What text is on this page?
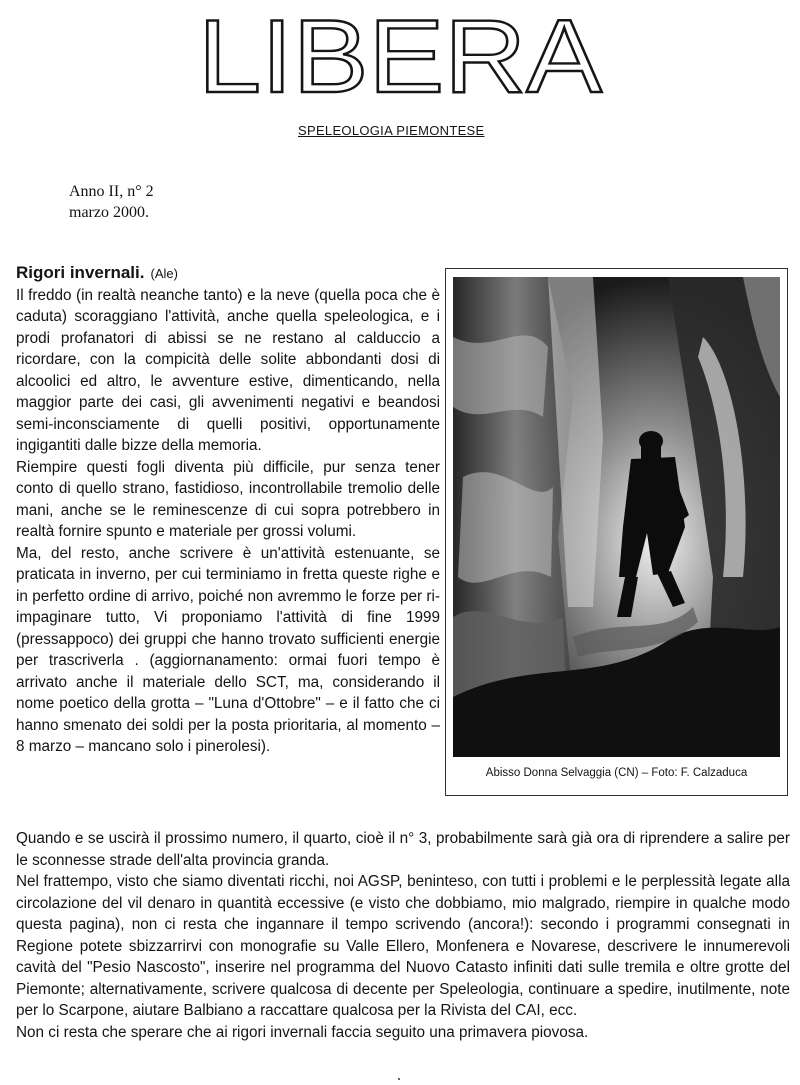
LIBERA
SPELEOLOGIA PIEMONTESE
Anno II, n° 2
marzo 2000.

Rigori invernali. (Ale)

Il freddo (in realtà neanche tanto) e la neve (quella poca che è caduta) scoraggiano l'attività, anche quella speleologica, e i prodi profanatori di abissi se ne restano al calduccio a ricordare, con la compicità delle solite abbondanti dosi di alcoolici ed altro, le avventure estive, dimenticando, nella maggior parte dei casi, gli avvenimenti negativi e beandosi semi-inconsciamente di quelli positivi, opportunamente ingigantiti dalle bizze della memoria.

Riempire questi fogli diventa più difficile, pur senza tener conto di quello strano, fastidioso, incontrollabile tremolio delle mani, anche se le reminescenze di cui sopra potrebbero in realtà fornire spunto e materiale per grossi volumi.

Ma, del resto, anche scrivere è un'attività estenuante, se praticata in inverno, per cui terminiamo in fretta queste righe e in perfetto ordine di arrivo, poiché non avremmo le forze per ri-impaginare tutto, Vi proponiamo l'attività di fine 1999 (pressappoco) dei gruppi che hanno trovato sufficienti energie per trascriverla . (aggiornanamento: ormai fuori tempo è arrivato anche il materiale dello SCT, ma, considerando il nome poetico della grotta – "Luna d'Ottobre" – e il fatto che ci hanno smenato dei soldi per la posta prioritaria, al momento – 8 marzo – mancano solo i pinerolesi).

Abisso Donna Selvaggia (CN) – Foto: F. Calzaduca

Quando e se uscirà il prossimo numero, il quarto, cioè il n° 3, probabilmente sarà già ora di riprendere a salire per le sconnesse strade dell'alta provincia granda.

Nel frattempo, visto che siamo diventati ricchi, noi AGSP, beninteso, con tutti i problemi e le perplessità legate alla circolazione del vil denaro in quantità eccessive (e visto che dobbiamo, mio malgrado, riempire in qualche modo questa pagina), non ci resta che ingannare il tempo scrivendo (ancora!): secondo i programmi consegnati in Regione potete sbizzarrirvi con monografie su Valle Ellero, Monfenera e Novarese, descrivere le innumerevoli cavità del "Pesio Nascosto", inserire nel programma del Nuovo Catasto infiniti dati sulle tremila e oltre grotte del Piemonte; alternativamente, scrivere qualcosa di decente per Speleologia, continuare a spedire, inutilmente, note per lo Scarpone, aiutare Balbiano a raccattare qualcosa per la Rivista del CAI, ecc.

Non ci resta che sperare che ai rigori invernali faccia seguito una primavera piovosa.
